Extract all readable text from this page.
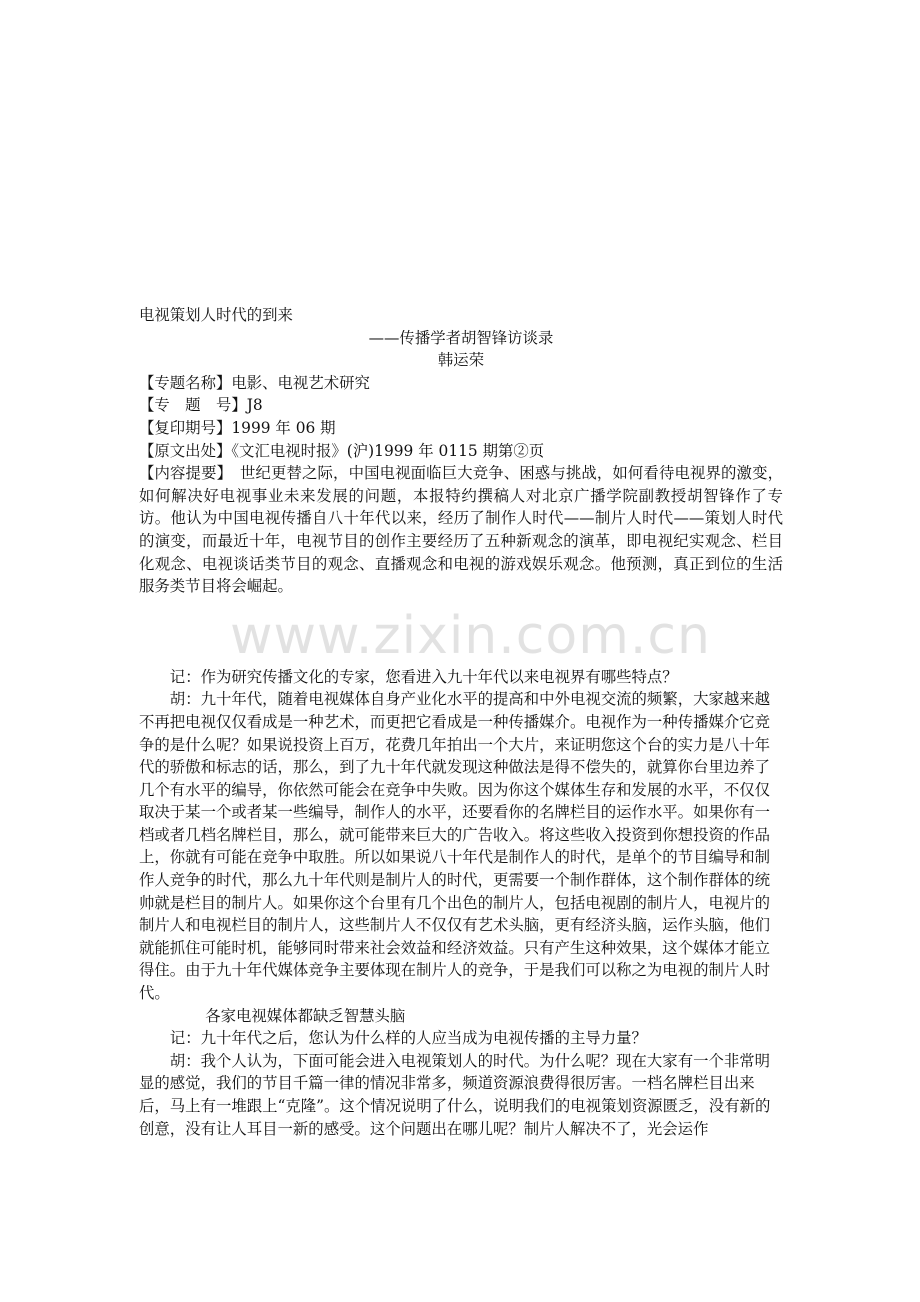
www.zixin.com.cn

电视策划人时代的到来

——传播学者胡智锋访谈录

韩运荣

【专题名称】电影、电视艺术研究

【专　题　号】J8

【复印期号】1999 年 06 期

【原文出处】《文汇电视时报》(沪)1999 年 0115 期第②页

【内容提要】　世纪更替之际，中国电视面临巨大竞争、困惑与挑战，如何看待电视界的激变，如何解决好电视事业未来发展的问题，本报特约撰稿人对北京广播学院副教授胡智锋作了专访。他认为中国电视传播自八十年代以来，经历了制作人时代——制片人时代——策划人时代的演变，而最近十年，电视节目的创作主要经历了五种新观念的演革，即电视纪实观念、栏目化观念、电视谈话类节目的观念、直播观念和电视的游戏娱乐观念。他预测，真正到位的生活服务类节目将会崛起。

记：作为研究传播文化的专家，您看进入九十年代以来电视界有哪些特点？

胡：九十年代，随着电视媒体自身产业化水平的提高和中外电视交流的频繁，大家越来越不再把电视仅仅看成是一种艺术，而更把它看成是一种传播媒介。电视作为一种传播媒介它竞争的是什么呢？如果说投资上百万，花费几年拍出一个大片，来证明您这个台的实力是八十年代的骄傲和标志的话，那么，到了九十年代就发现这种做法是得不偿失的，就算你台里边养了几个有水平的编导，你依然可能会在竞争中失败。因为你这个媒体生存和发展的水平，不仅仅取决于某一个或者某一些编导，制作人的水平，还要看你的名牌栏目的运作水平。如果你有一档或者几档名牌栏目，那么，就可能带来巨大的广告收入。将这些收入投资到你想投资的作品上，你就有可能在竞争中取胜。所以如果说八十年代是制作人的时代，是单个的节目编导和制作人竞争的时代，那么九十年代则是制片人的时代，更需要一个制作群体，这个制作群体的统帅就是栏目的制片人。如果你这个台里有几个出色的制片人，包括电视剧的制片人，电视片的制片人和电视栏目的制片人，这些制片人不仅仅有艺术头脑，更有经济头脑，运作头脑，他们就能抓住可能时机，能够同时带来社会效益和经济效益。只有产生这种效果，这个媒体才能立得住。由于九十年代媒体竞争主要体现在制片人的竞争，于是我们可以称之为电视的制片人时代。

各家电视媒体都缺乏智慧头脑

记：九十年代之后，您认为什么样的人应当成为电视传播的主导力量？

胡：我个人认为，下面可能会进入电视策划人的时代。为什么呢？现在大家有一个非常明显的感觉，我们的节目千篇一律的情况非常多，频道资源浪费得很厉害。一档名牌栏目出来后，马上有一堆跟上“克隆”。这个情况说明了什么，说明我们的电视策划资源匮乏，没有新的创意，没有让人耳目一新的感受。这个问题出在哪儿呢？制片人解决不了，光会运作
